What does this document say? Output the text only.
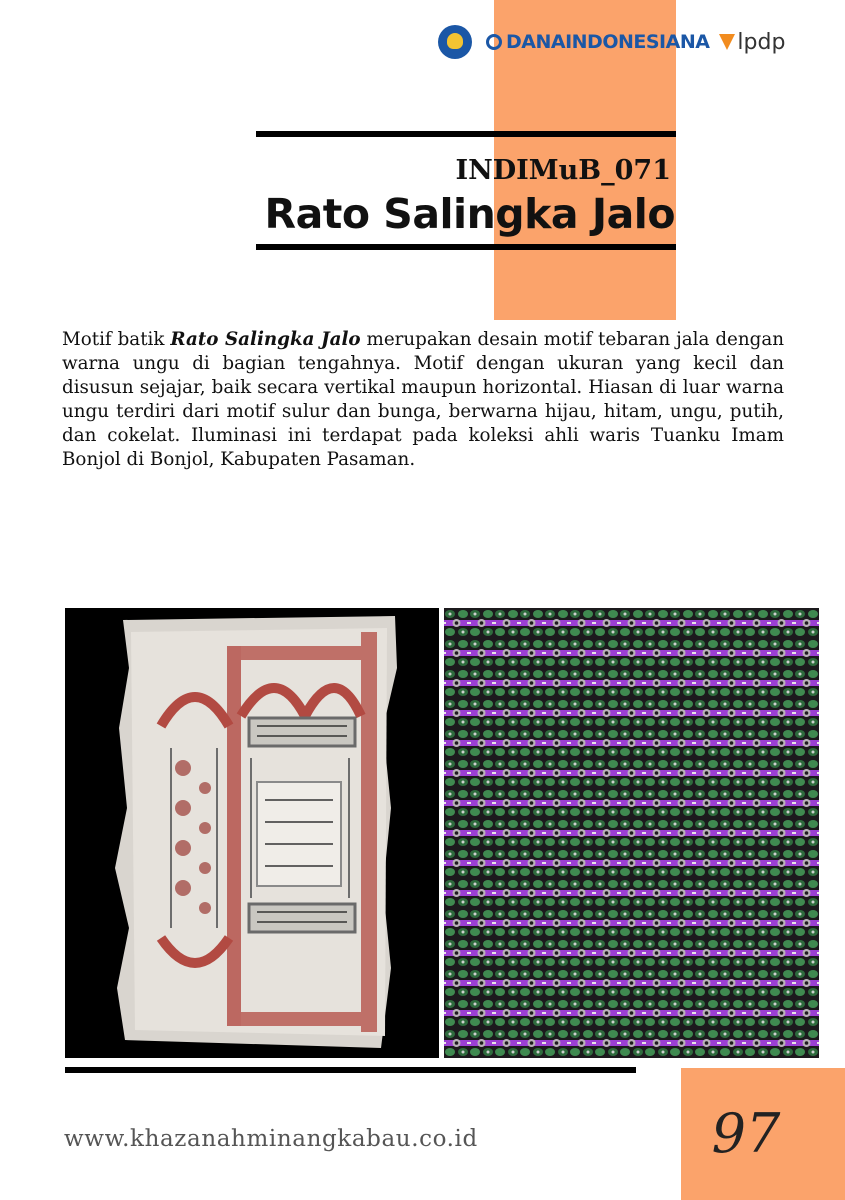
DANAINDONESIANA lpdp
INDIMuB_071
Rato Salingka Jalo

Motif batik Rato Salingka Jalo merupakan desain motif tebaran jala dengan warna ungu di bagian tengahnya. Motif dengan ukuran yang kecil dan disusun sejajar, baik secara vertikal maupun horizontal. Hiasan di luar warna ungu terdiri dari motif sulur dan bunga, berwarna hijau, hitam, ungu, putih, dan cokelat. Iluminasi ini terdapat pada koleksi ahli waris Tuanku Imam Bonjol di Bonjol, Kabupaten Pasaman.

www.khazanahminangkabau.co.id	97
